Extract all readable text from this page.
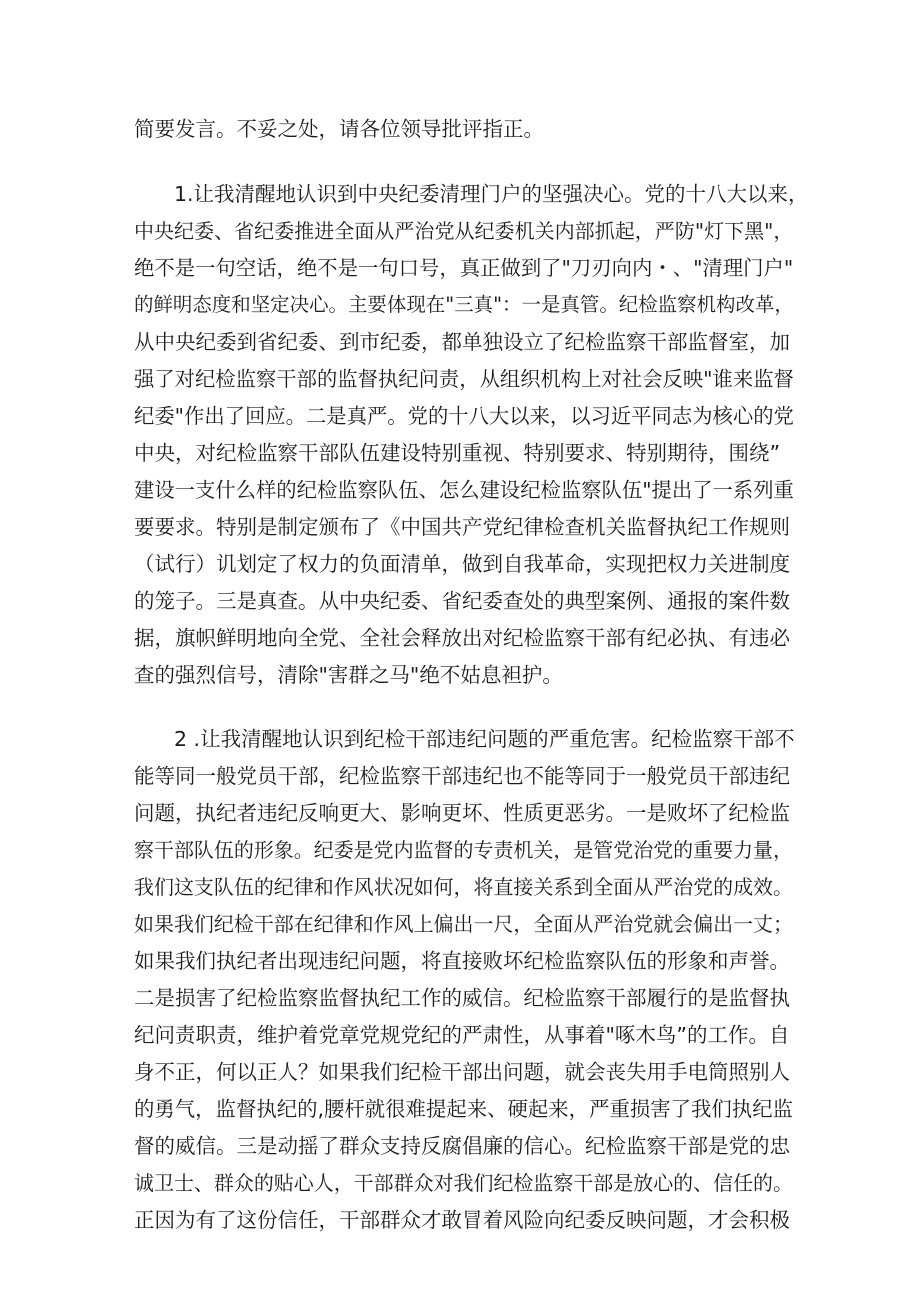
简要发言。不妥之处，请各位领导批评指正。
1.让我清醒地认识到中央纪委清理门户的坚强决心。党的十八大以来，
中央纪委、省纪委推进全面从严治党从纪委机关内部抓起，严防"灯下黑"，
绝不是一句空话，绝不是一句口号，真正做到了"刀刃向内・、"清理门户"
的鲜明态度和坚定决心。主要体现在"三真"：一是真管。纪检监察机构改革，
从中央纪委到省纪委、到市纪委，都单独设立了纪检监察干部监督室，加
强了对纪检监察干部的监督执纪问责，从组织机构上对社会反映"谁来监督
纪委"作出了回应。二是真严。党的十八大以来，以习近平同志为核心的党
中央，对纪检监察干部队伍建设特别重视、特别要求、特别期待，围绕”
建设一支什么样的纪检监察队伍、怎么建设纪检监察队伍"提出了一系列重
要要求。特别是制定颁布了《中国共产党纪律检查机关监督执纪工作规则
（试行）讥划定了权力的负面清单，做到自我革命，实现把权力关进制度
的笼子。三是真查。从中央纪委、省纪委查处的典型案例、通报的案件数
据，旗帜鲜明地向全党、全社会释放出对纪检监察干部有纪必执、有违必
查的强烈信号，清除"害群之马"绝不姑息袒护。
2 .让我清醒地认识到纪检干部违纪问题的严重危害。纪检监察干部不
能等同一般党员干部，纪检监察干部违纪也不能等同于一般党员干部违纪
问题，执纪者违纪反响更大、影响更坏、性质更恶劣。一是败坏了纪检监
察干部队伍的形象。纪委是党内监督的专责机关，是管党治党的重要力量，
我们这支队伍的纪律和作风状况如何，将直接关系到全面从严治党的成效。
如果我们纪检干部在纪律和作风上偏出一尺，全面从严治党就会偏出一丈；
如果我们执纪者出现违纪问题，将直接败坏纪检监察队伍的形象和声誉。
二是损害了纪检监察监督执纪工作的威信。纪检监察干部履行的是监督执
纪问责职责，维护着党章党规党纪的严肃性，从事着"啄木鸟”的工作。自
身不正，何以正人？如果我们纪检干部出问题，就会丧失用手电筒照别人
的勇气，监督执纪的,腰杆就很难提起来、硬起来，严重损害了我们执纪监
督的威信。三是动摇了群众支持反腐倡廉的信心。纪检监察干部是党的忠
诚卫士、群众的贴心人，干部群众对我们纪检监察干部是放心的、信任的。
正因为有了这份信任，干部群众才敢冒着风险向纪委反映问题，才会积极
